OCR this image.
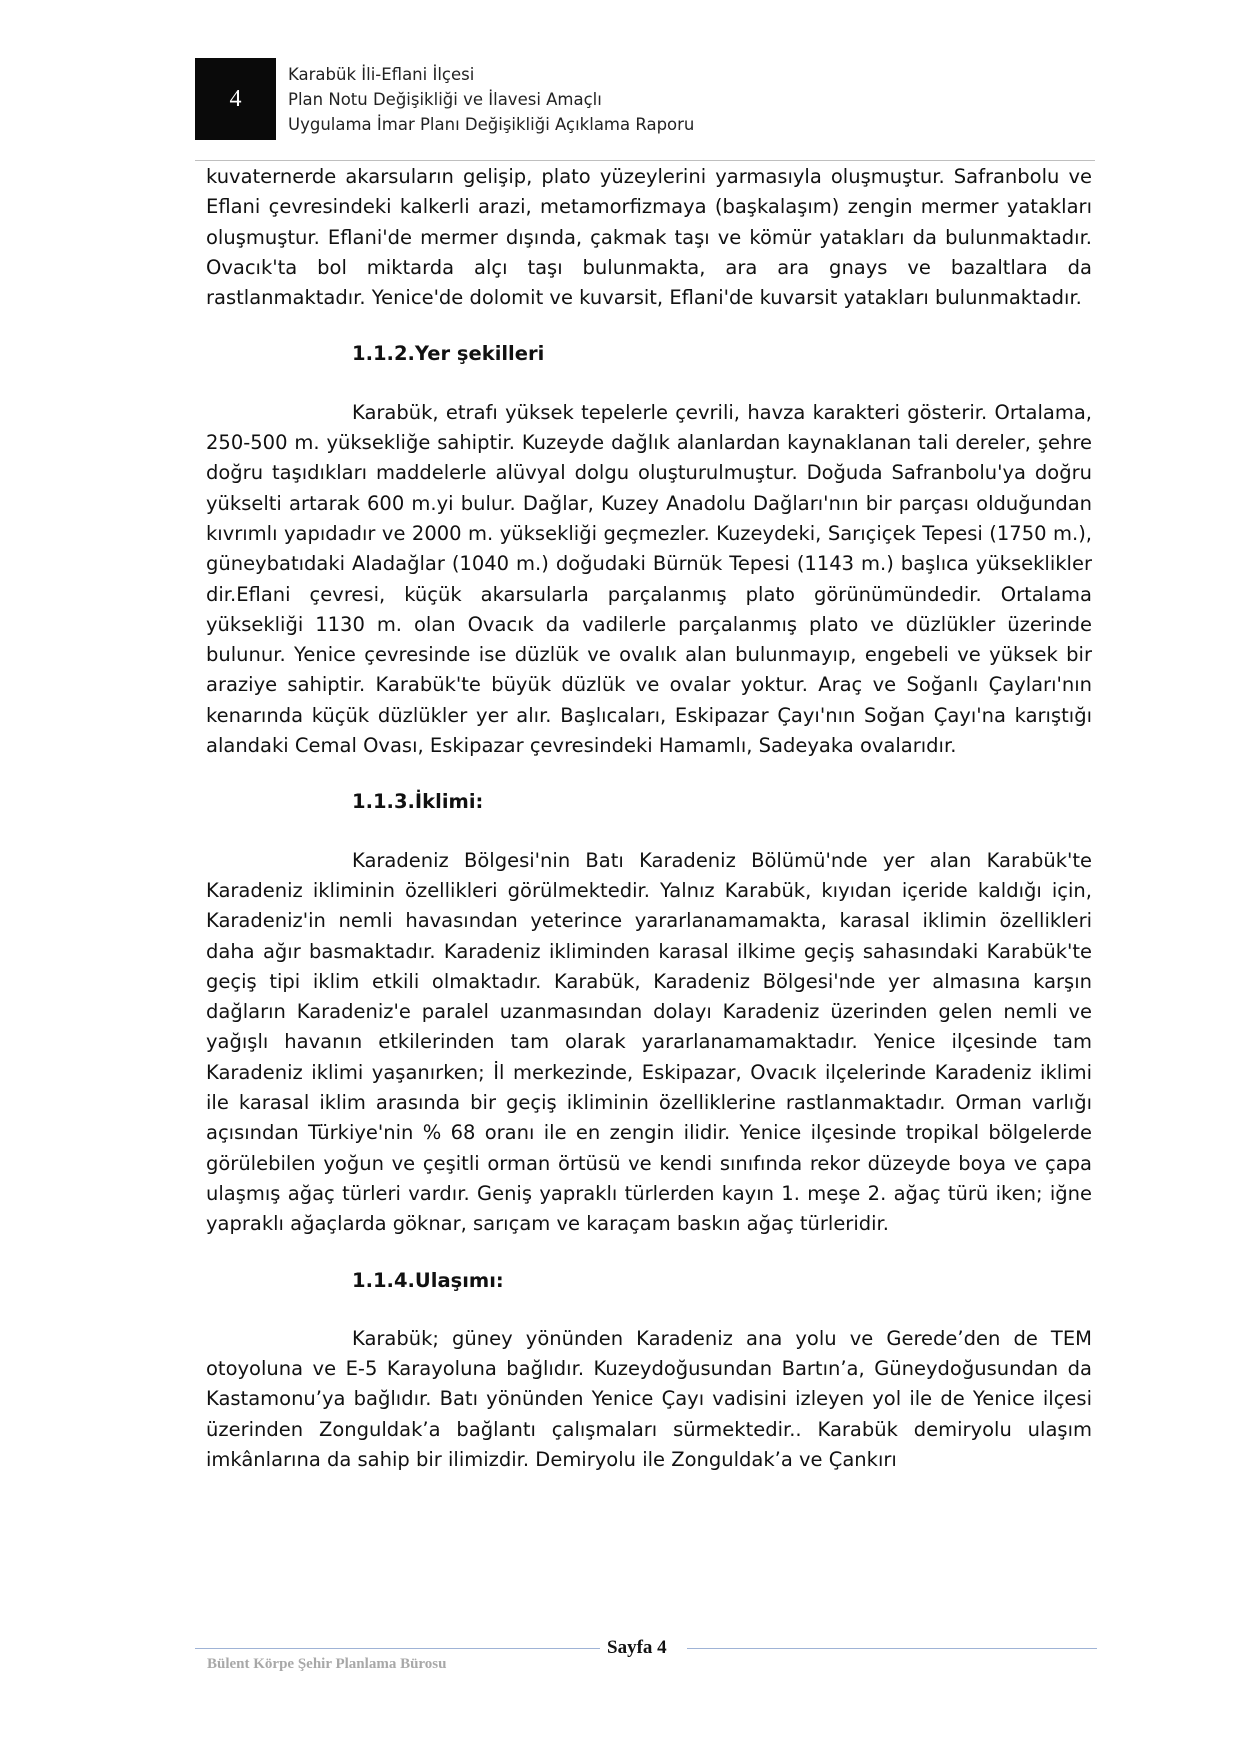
4
Karabük İli-Eflani İlçesi
Plan Notu Değişikliği ve İlavesi Amaçlı
Uygulama İmar Planı Değişikliği Açıklama Raporu

kuvaternerde akarsuların gelişip, plato yüzeylerini yarmasıyla oluşmuştur. Safranbolu ve Eflani çevresindeki kalkerli arazi, metamorfizmaya (başkalaşım) zengin mermer yatakları oluşmuştur. Eflani'de mermer dışında, çakmak taşı ve kömür yatakları da bulunmaktadır. Ovacık'ta bol miktarda alçı taşı bulunmakta, ara ara gnays ve bazaltlara da rastlanmaktadır. Yenice'de dolomit ve kuvarsit, Eflani'de kuvarsit yatakları bulunmaktadır.

1.1.2.Yer şekilleri

Karabük, etrafı yüksek tepelerle çevrili, havza karakteri gösterir. Ortalama, 250-500 m. yüksekliğe sahiptir. Kuzeyde dağlık alanlardan kaynaklanan tali dereler, şehre doğru taşıdıkları maddelerle alüvyal dolgu oluşturulmuştur. Doğuda Safranbolu'ya doğru yükselti artarak 600 m.yi bulur. Dağlar, Kuzey Anadolu Dağları'nın bir parçası olduğundan kıvrımlı yapıdadır ve 2000 m. yüksekliği geçmezler. Kuzeydeki, Sarıçiçek Tepesi (1750 m.), güneybatıdaki Aladağlar (1040 m.) doğudaki Bürnük Tepesi (1143 m.) başlıca yükseklikler dir.Eflani çevresi, küçük akarsularla parçalanmış plato görünümündedir. Ortalama yüksekliği 1130 m. olan Ovacık da vadilerle parçalanmış plato ve düzlükler üzerinde bulunur. Yenice çevresinde ise düzlük ve ovalık alan bulunmayıp, engebeli ve yüksek bir araziye sahiptir. Karabük'te büyük düzlük ve ovalar yoktur. Araç ve Soğanlı Çayları'nın kenarında küçük düzlükler yer alır. Başlıcaları, Eskipazar Çayı'nın Soğan Çayı'na karıştığı alandaki Cemal Ovası, Eskipazar çevresindeki Hamamlı, Sadeyaka ovalarıdır.

1.1.3.İklimi:

Karadeniz Bölgesi'nin Batı Karadeniz Bölümü'nde yer alan Karabük'te Karadeniz ikliminin özellikleri görülmektedir. Yalnız Karabük, kıyıdan içeride kaldığı için, Karadeniz'in nemli havasından yeterince yararlanamamakta, karasal iklimin özellikleri daha ağır basmaktadır. Karadeniz ikliminden karasal ilkime geçiş sahasındaki Karabük'te geçiş tipi iklim etkili olmaktadır. Karabük, Karadeniz Bölgesi'nde yer almasına karşın dağların Karadeniz'e paralel uzanmasından dolayı Karadeniz üzerinden gelen nemli ve yağışlı havanın etkilerinden tam olarak yararlanamamaktadır. Yenice ilçesinde tam Karadeniz iklimi yaşanırken; İl merkezinde, Eskipazar, Ovacık ilçelerinde Karadeniz iklimi ile karasal iklim arasında bir geçiş ikliminin özelliklerine rastlanmaktadır. Orman varlığı açısından Türkiye'nin % 68 oranı ile en zengin ilidir. Yenice ilçesinde tropikal bölgelerde görülebilen yoğun ve çeşitli orman örtüsü ve kendi sınıfında rekor düzeyde boya ve çapa ulaşmış ağaç türleri vardır. Geniş yapraklı türlerden kayın 1. meşe 2. ağaç türü iken; iğne yapraklı ağaçlarda göknar, sarıçam ve karaçam baskın ağaç türleridir.

1.1.4.Ulaşımı:

Karabük; güney yönünden Karadeniz ana yolu ve Gerede’den de TEM otoyoluna ve E-5 Karayoluna bağlıdır. Kuzeydoğusundan Bartın’a, Güneydoğusundan da Kastamonu’ya bağlıdır. Batı yönünden Yenice Çayı vadisini izleyen yol ile de Yenice ilçesi üzerinden Zonguldak’a bağlantı çalışmaları sürmektedir.. Karabük demiryolu ulaşım imkânlarına da sahip bir ilimizdir. Demiryolu ile Zonguldak’a ve Çankırı

Sayfa 4
Bülent Körpe Şehir Planlama Bürosu
